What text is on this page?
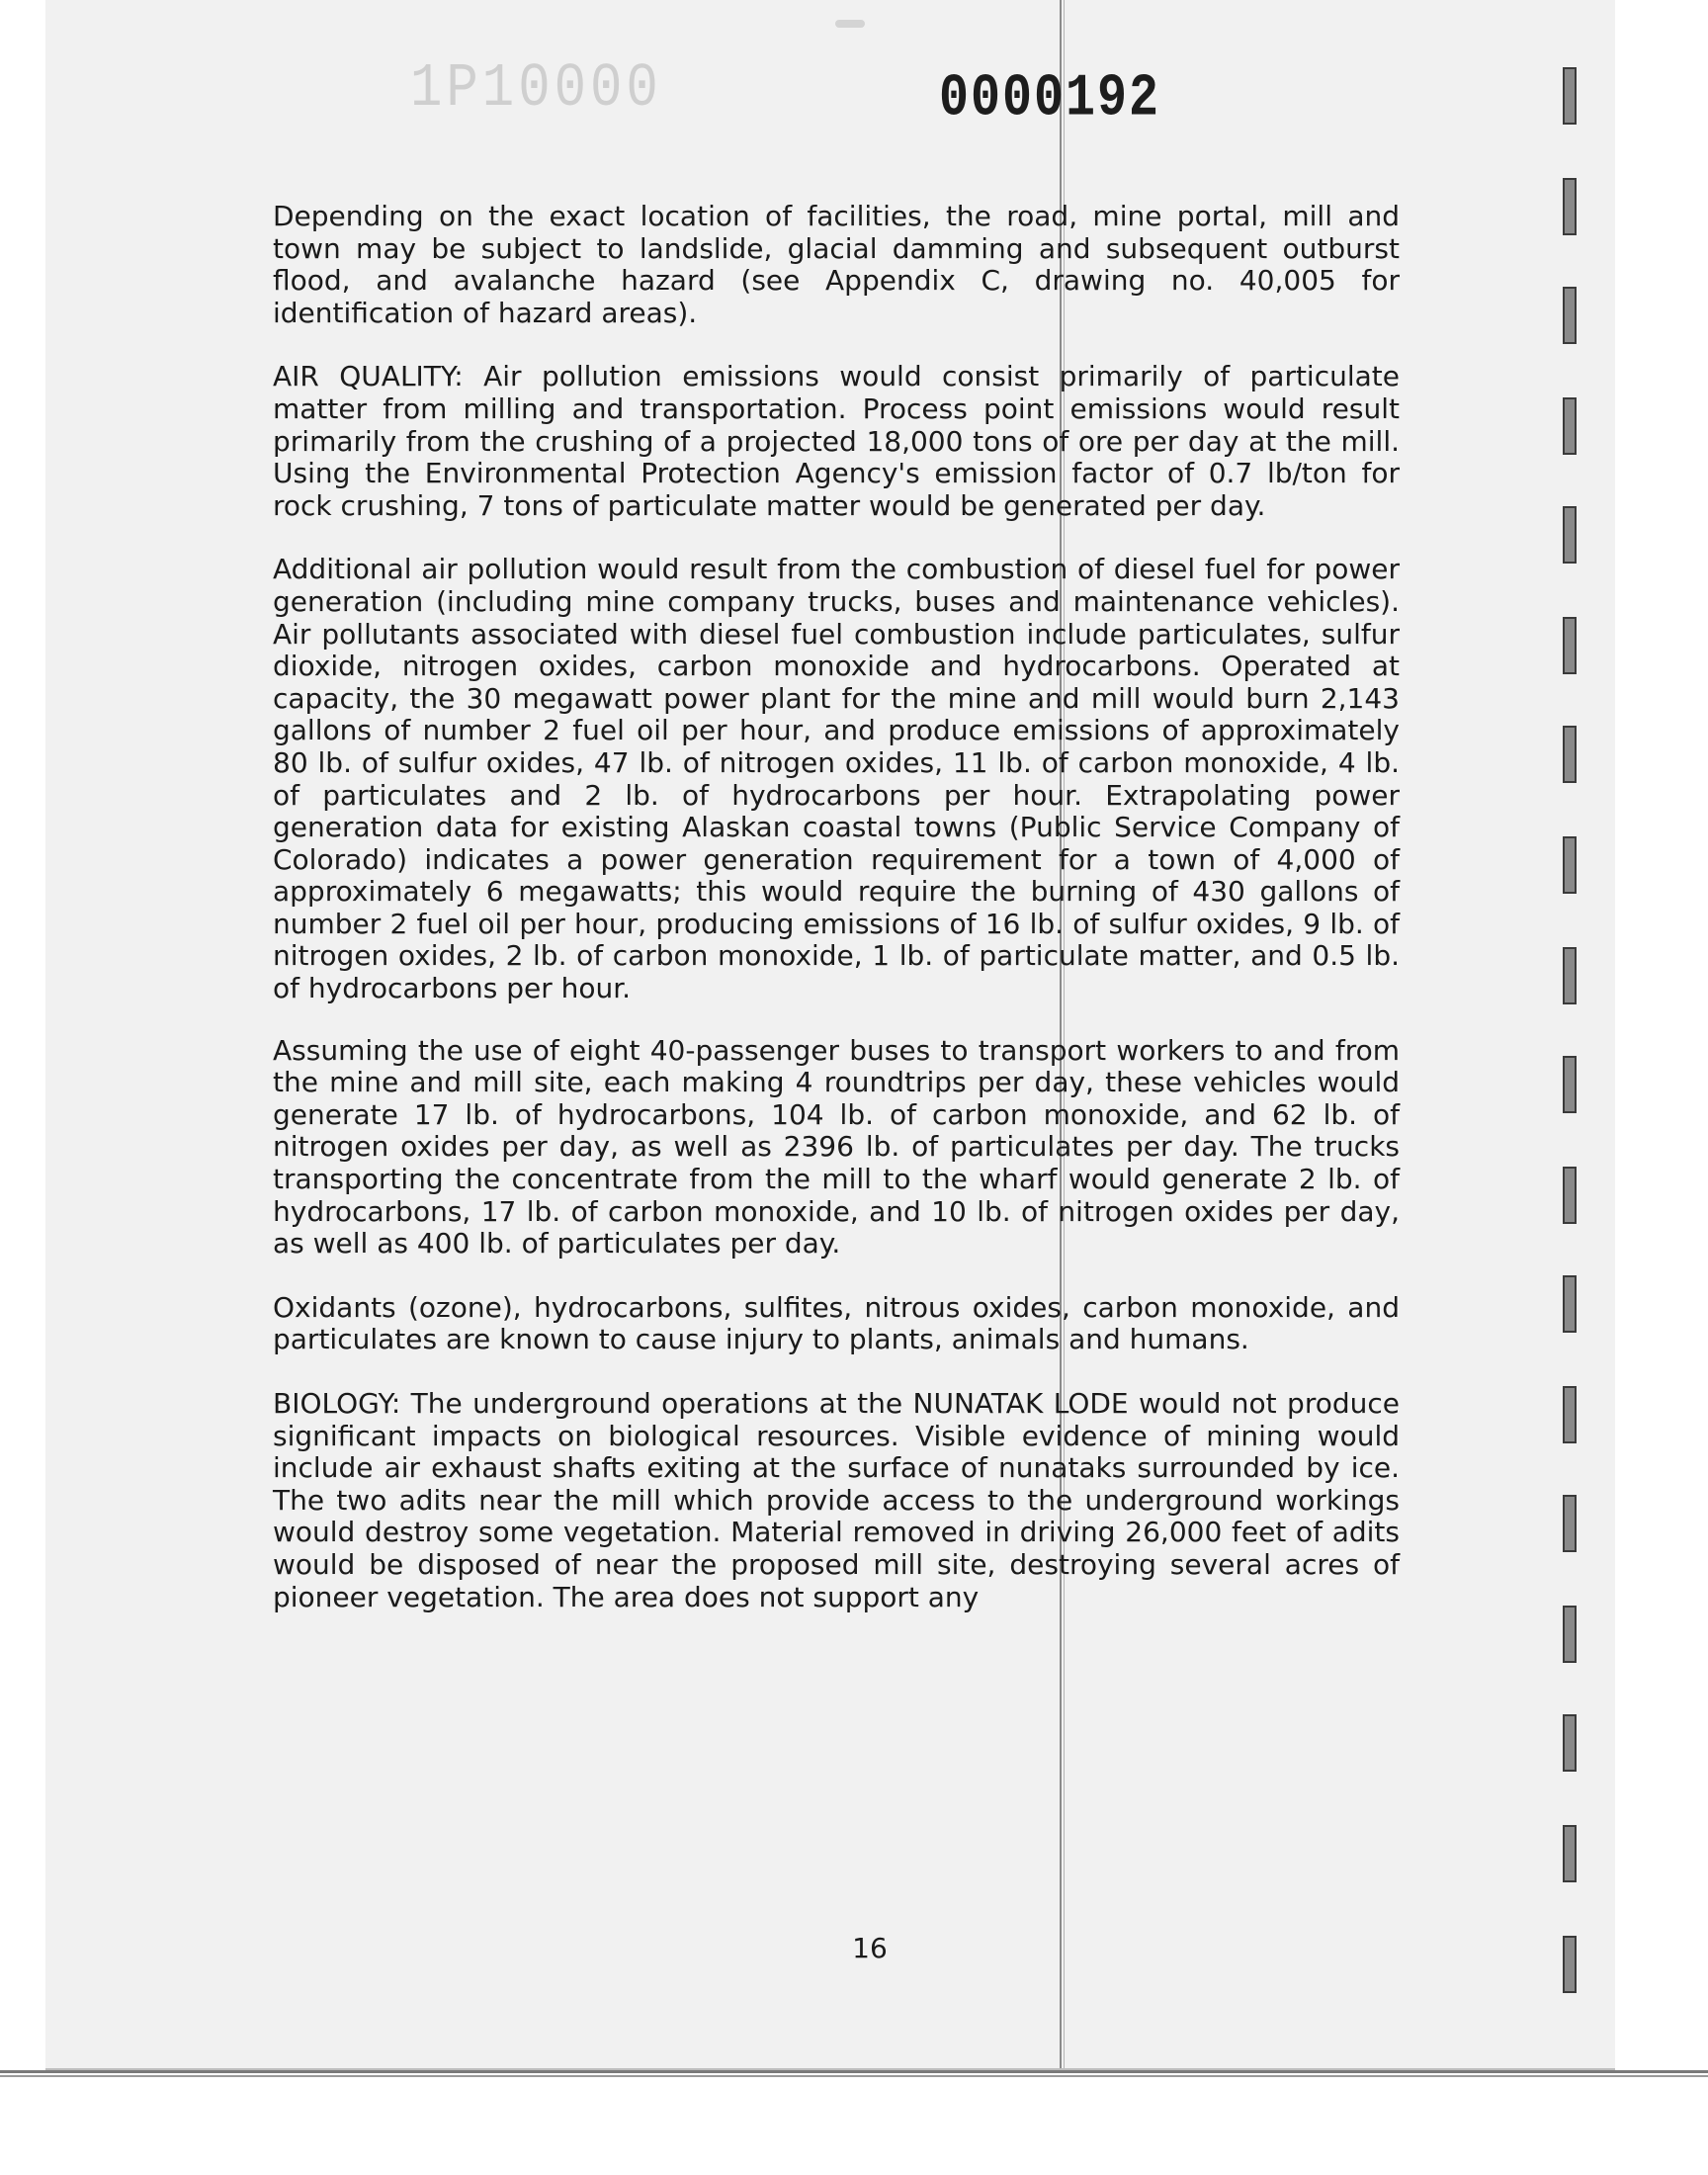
1P10000	0000192

Depending on the exact location of facilities, the road, mine portal, mill and town may be subject to landslide, glacial damming and subsequent outburst flood, and avalanche hazard (see Appendix C, drawing no. 40,005 for identification of hazard areas).

AIR QUALITY: Air pollution emissions would consist primarily of particulate matter from milling and transportation. Process point emissions would result primarily from the crushing of a projected 18,000 tons of ore per day at the mill. Using the Environmental Protection Agency's emission factor of 0.7 lb/ton for rock crushing, 7 tons of particulate matter would be generated per day.

Additional air pollution would result from the combustion of diesel fuel for power generation (including mine company trucks, buses and maintenance vehicles). Air pollutants associated with diesel fuel combustion include particulates, sulfur dioxide, nitrogen oxides, carbon monoxide and hydrocarbons. Operated at capacity, the 30 megawatt power plant for the mine and mill would burn 2,143 gallons of number 2 fuel oil per hour, and produce emissions of approximately 80 lb. of sulfur oxides, 47 lb. of nitrogen oxides, 11 lb. of carbon monoxide, 4 lb. of particulates and 2 lb. of hydrocarbons per hour. Extrapolating power generation data for existing Alaskan coastal towns (Public Service Company of Colorado) indicates a power generation requirement for a town of 4,000 of approximately 6 megawatts; this would require the burning of 430 gallons of number 2 fuel oil per hour, producing emissions of 16 lb. of sulfur oxides, 9 lb. of nitrogen oxides, 2 lb. of carbon monoxide, 1 lb. of particulate matter, and 0.5 lb. of hydrocarbons per hour.

Assuming the use of eight 40-passenger buses to transport workers to and from the mine and mill site, each making 4 roundtrips per day, these vehicles would generate 17 lb. of hydrocarbons, 104 lb. of carbon monoxide, and 62 lb. of nitrogen oxides per day, as well as 2396 lb. of particulates per day. The trucks transporting the concentrate from the mill to the wharf would generate 2 lb. of hydrocarbons, 17 lb. of carbon monoxide, and 10 lb. of nitrogen oxides per day, as well as 400 lb. of particulates per day.

Oxidants (ozone), hydrocarbons, sulfites, nitrous oxides, carbon monoxide, and particulates are known to cause injury to plants, animals and humans.

BIOLOGY: The underground operations at the NUNATAK LODE would not produce significant impacts on biological resources. Visible evidence of mining would include air exhaust shafts exiting at the surface of nunataks surrounded by ice. The two adits near the mill which provide access to the underground workings would destroy some vegetation. Material removed in driving 26,000 feet of adits would be disposed of near the proposed mill site, destroying several acres of pioneer vegetation. The area does not support any

16
